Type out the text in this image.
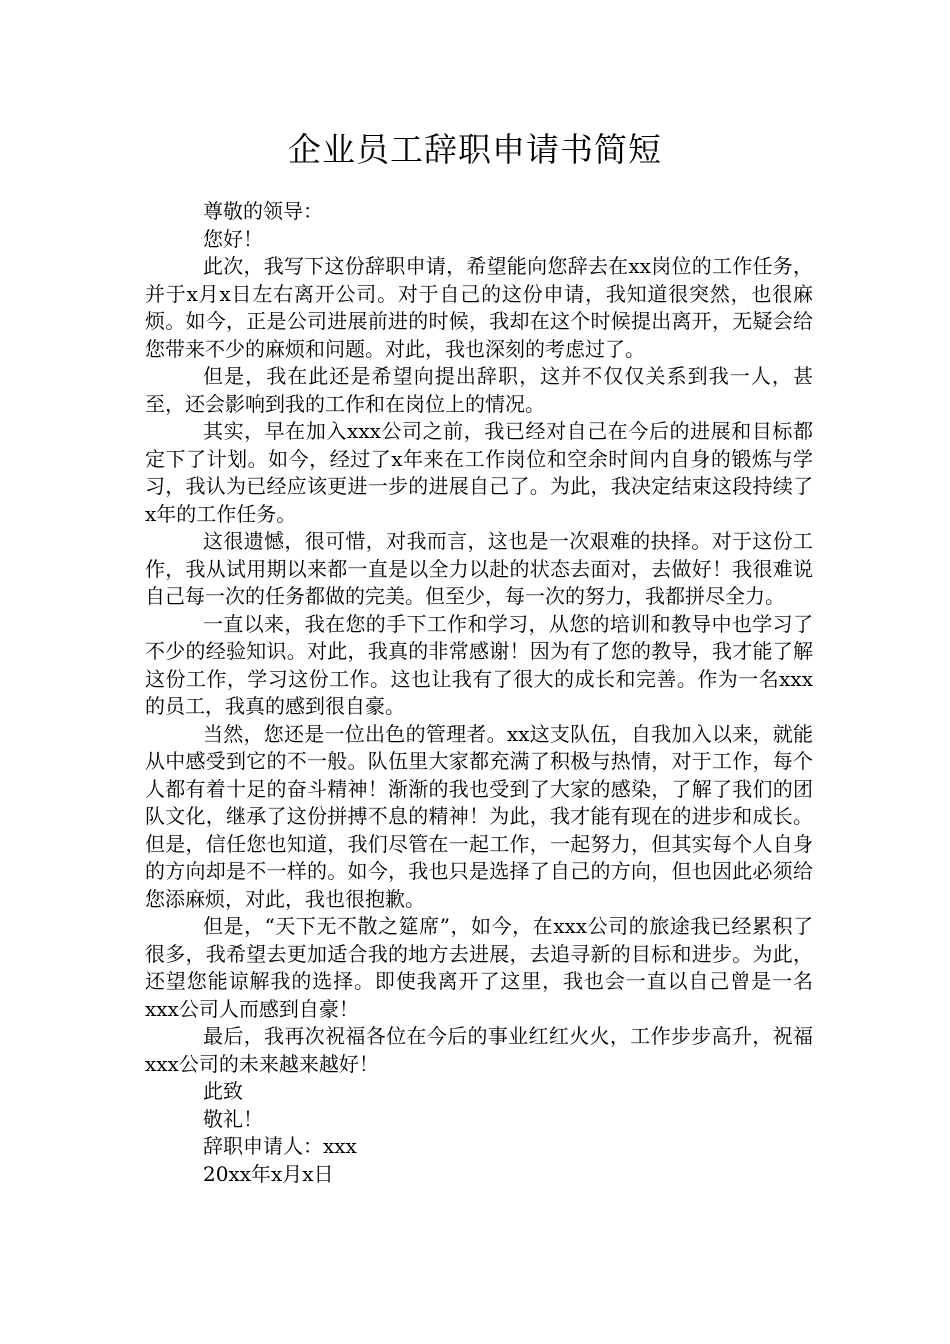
企业员工辞职申请书简短

尊敬的领导：

您好！

此次，我写下这份辞职申请，希望能向您辞去在xx岗位的工作任务，并于x月x日左右离开公司。对于自己的这份申请，我知道很突然，也很麻烦。如今，正是公司进展前进的时候，我却在这个时候提出离开，无疑会给您带来不少的麻烦和问题。对此，我也深刻的考虑过了。

但是，我在此还是希望向提出辞职，这并不仅仅关系到我一人，甚至，还会影响到我的工作和在岗位上的情况。

其实，早在加入xxx公司之前，我已经对自己在今后的进展和目标都定下了计划。如今，经过了x年来在工作岗位和空余时间内自身的锻炼与学习，我认为已经应该更进一步的进展自己了。为此，我决定结束这段持续了x年的工作任务。

这很遗憾，很可惜，对我而言，这也是一次艰难的抉择。对于这份工作，我从试用期以来都一直是以全力以赴的状态去面对，去做好！我很难说自己每一次的任务都做的完美。但至少，每一次的努力，我都拼尽全力。

一直以来，我在您的手下工作和学习，从您的培训和教导中也学习了不少的经验知识。对此，我真的非常感谢！因为有了您的教导，我才能了解这份工作，学习这份工作。这也让我有了很大的成长和完善。作为一名xxx的员工，我真的感到很自豪。

当然，您还是一位出色的管理者。xx这支队伍，自我加入以来，就能从中感受到它的不一般。队伍里大家都充满了积极与热情，对于工作，每个人都有着十足的奋斗精神！渐渐的我也受到了大家的感染，了解了我们的团队文化，继承了这份拼搏不息的精神！为此，我才能有现在的进步和成长。但是，信任您也知道，我们尽管在一起工作，一起努力，但其实每个人自身的方向却是不一样的。如今，我也只是选择了自己的方向，但也因此必须给您添麻烦，对此，我也很抱歉。

但是，“天下无不散之筵席”，如今，在xxx公司的旅途我已经累积了很多，我希望去更加适合我的地方去进展，去追寻新的目标和进步。为此，还望您能谅解我的选择。即使我离开了这里，我也会一直以自己曾是一名xxx公司人而感到自豪！

最后，我再次祝福各位在今后的事业红红火火，工作步步高升，祝福xxx公司的未来越来越好！

此致

敬礼！

辞职申请人：xxx

20xx年x月x日
